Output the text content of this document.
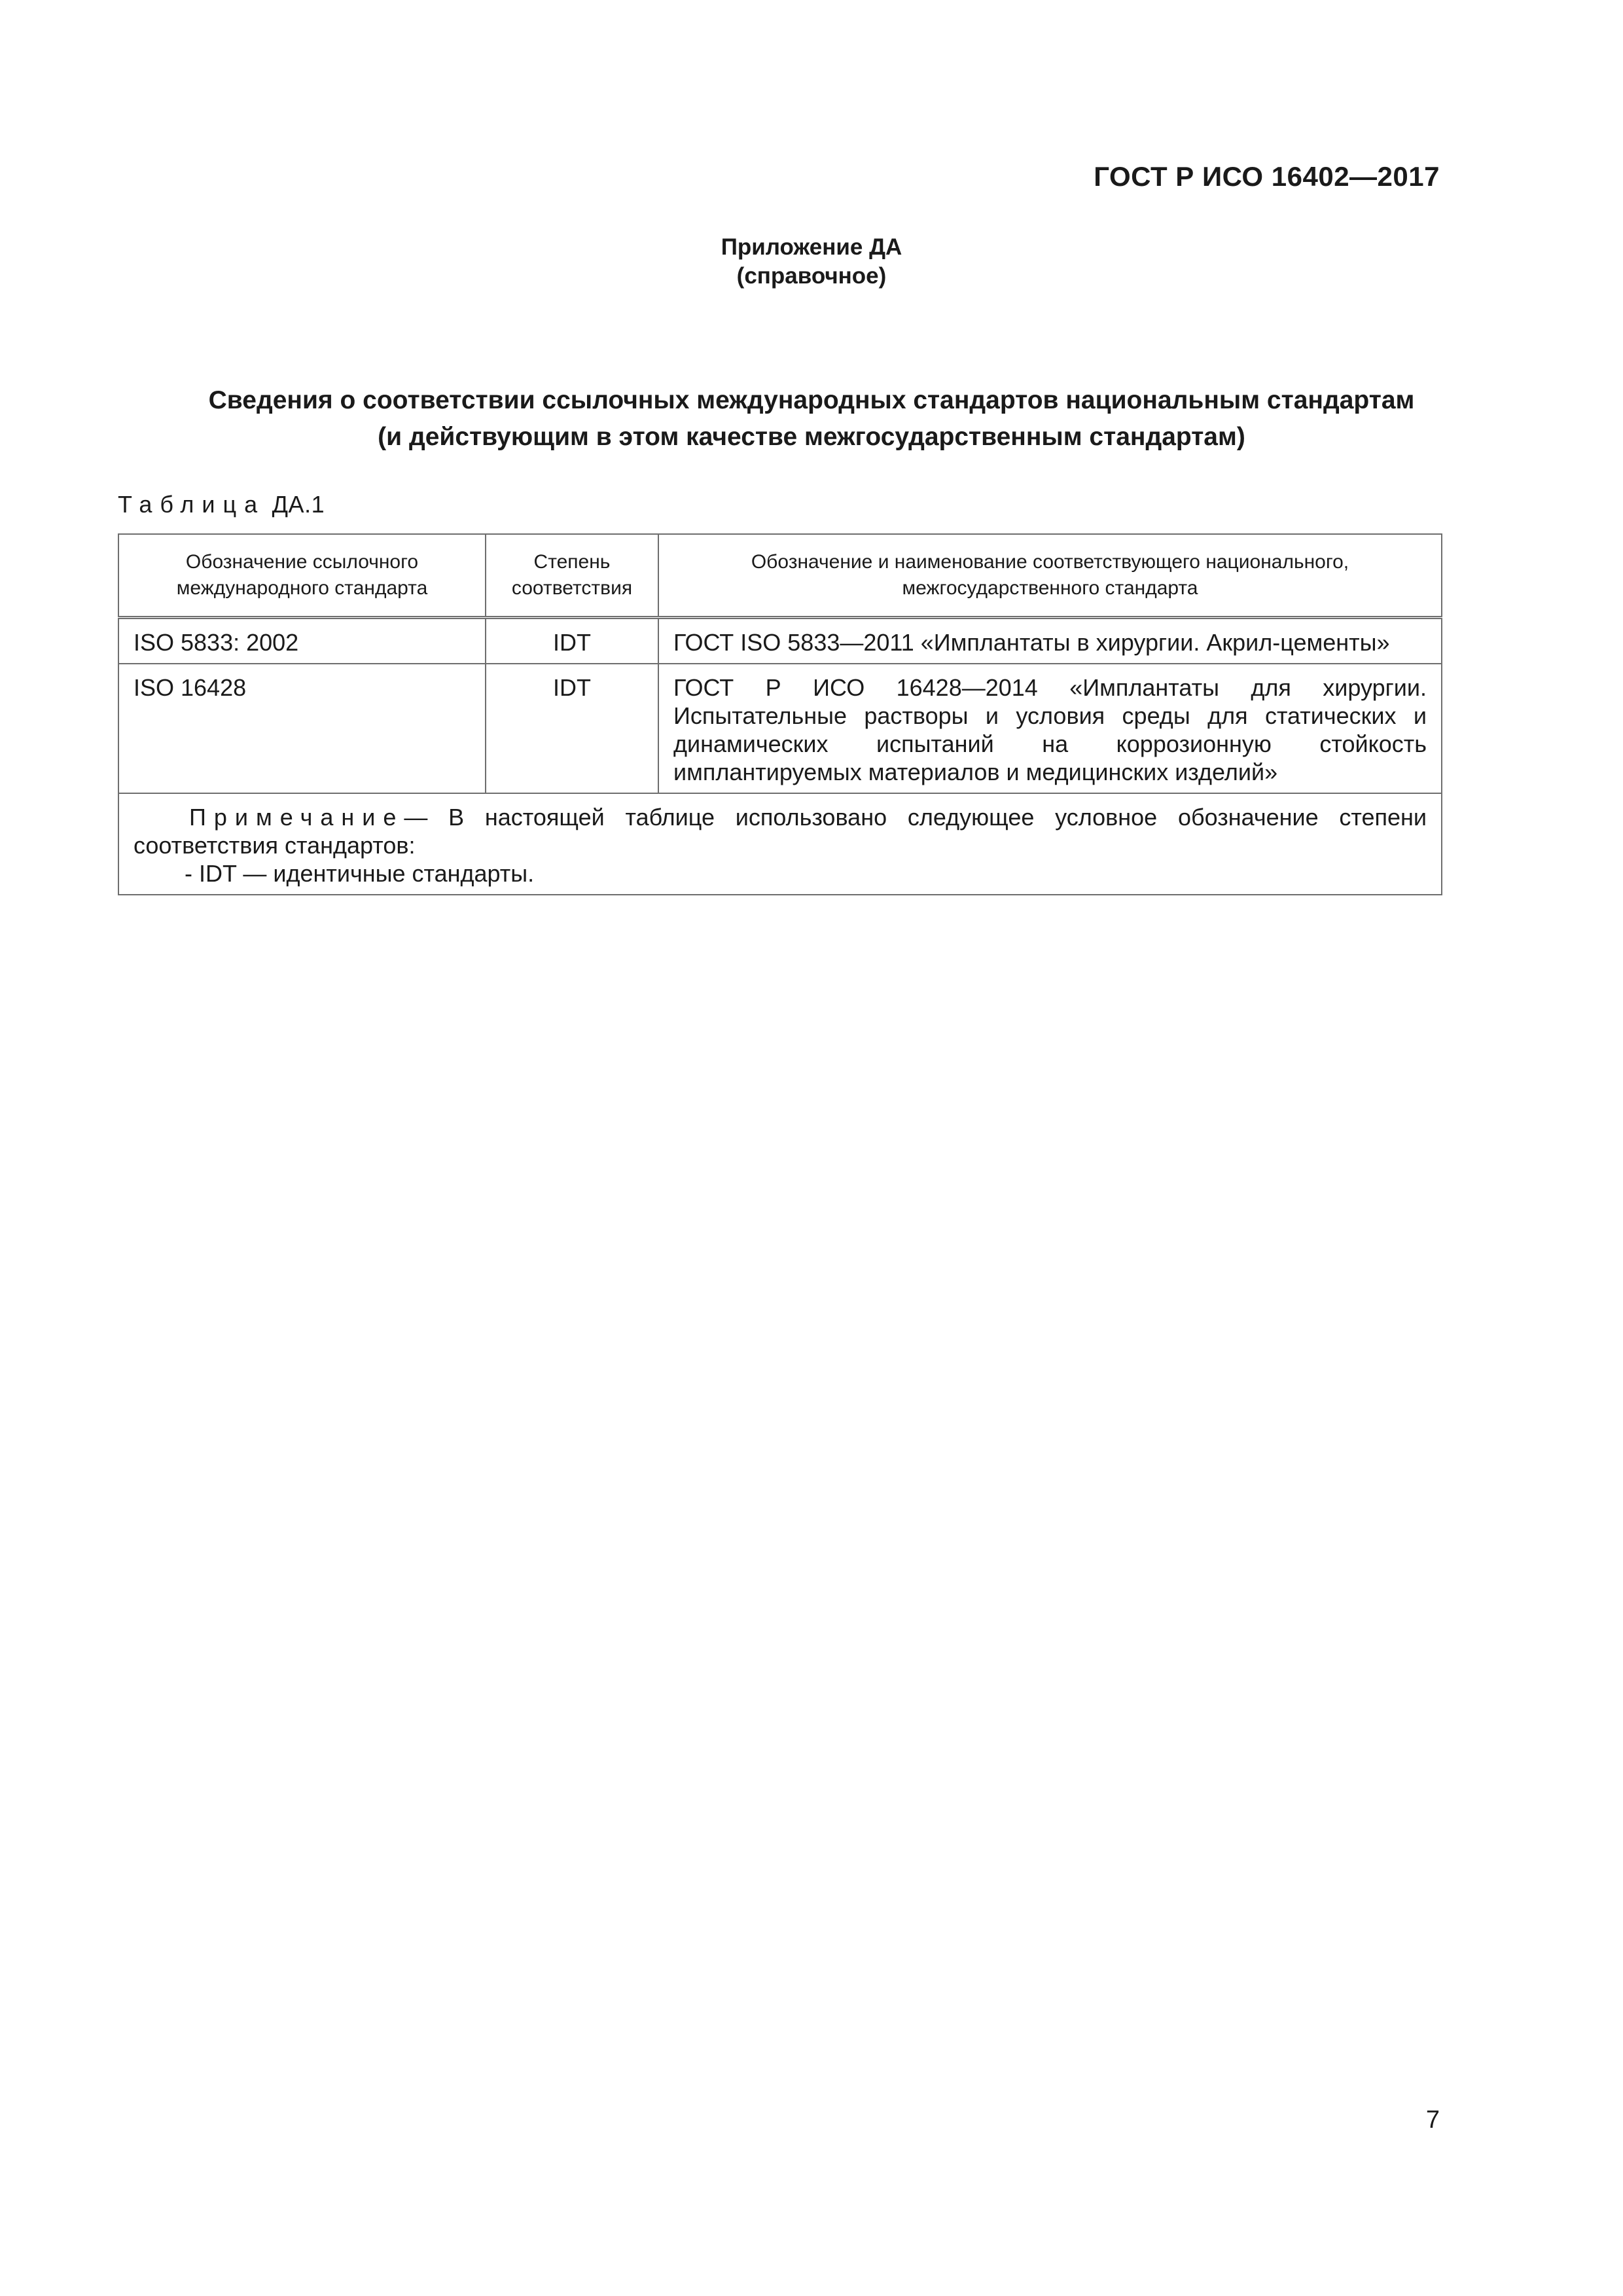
ГОСТ Р ИСО 16402—2017
Приложение ДА
(справочное)
Сведения о соответствии ссылочных международных стандартов национальным стандартам
(и действующим в этом качестве межгосударственным стандартам)
Таблица ДА.1
Обозначение ссылочного международного стандарта	Степень соответствия	Обозначение и наименование соответствующего национального, межгосударственного стандарта
ISO 5833: 2002	IDT	ГОСТ ISO 5833—2011 «Имплантаты в хирургии. Акрил-цементы»
ISO 16428	IDT	ГОСТ Р ИСО 16428—2014 «Имплантаты для хирургии. Испытательные растворы и условия среды для статических и динамических испытаний на коррозионную стойкость имплантируемых материалов и медицинских изделий»

Примечание— В настоящей таблице использовано следующее условное обозначение степени соответствия стандартов:
- IDT — идентичные стандарты.		
7
